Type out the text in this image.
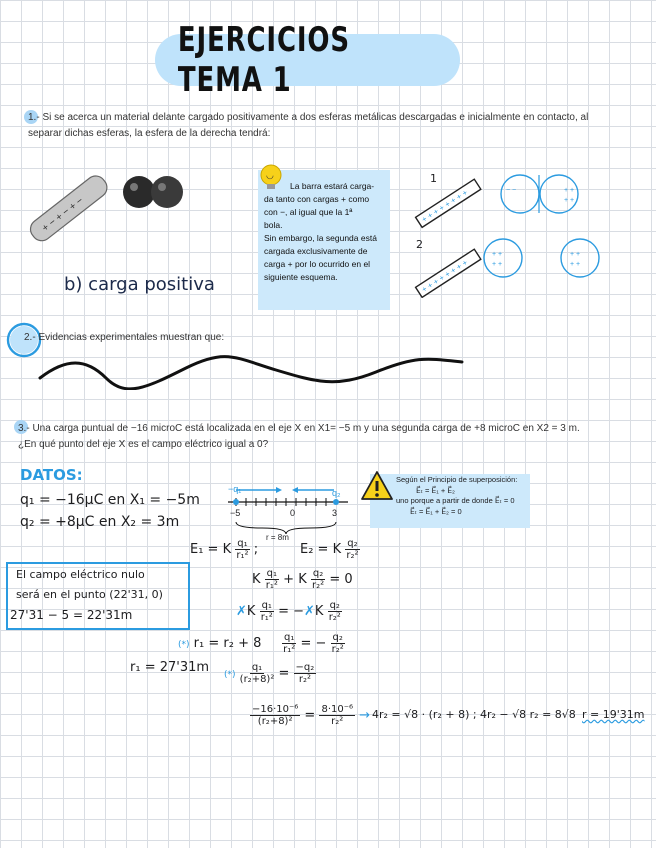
EJERCICIOS TEMA 1
1.- Si se acerca un material delante cargado positivamente a dos esferas metálicas descargadas e inicialmente en contacto, al
separar dichas esferas, la esfera de la derecha tendrá:
+ − + − + −
b) carga positiva
◡
La barra estará carga-
da tanto con cargas + como
con −, al igual que la 1ª
bola.
Sin embargo, la segunda está
cargada exclusivamente de
carga + por lo ocurrido en el
siguiente esquema.
+ + + + + + + +	− −	+ +
+ +
+ + + + + + + +
+ +
+ +
+ +
+ +
1
2
2.- Evidencias experimentales muestran que:
3.- Una carga puntual de −16 microC está localizada en el eje X en X1= −5 m y una segunda carga de +8 microC en X2 = 3 m.
¿En qué punto del eje X es el campo eléctrico igual a 0?
DATOS:
q₁ = −16μC en X₁ = −5m
q₂ = +8μC en X₂ = 3m
−q₁	q₂
−5	0	3
r = 8m
Según el Principio de superposición:
E⃗ₜ = E⃗₁ + E⃗₂
uno porque a partir de donde E⃗ₜ = 0
E⃗ₜ = E⃗₁ + E⃗₂ = 0
E₁ = K $\frac{\text{q₁}}{\text{r₁²}}$ ;	E₂ = K $\frac{\text{q₂}}{\text{r₂²}}$
K $\frac{\text{q₁}}{\text{r₁²}} + K \frac{\text{q₂}}{\text{r₂²}} = 0$
✗K $\frac{\text{q₁}}{\text{r₁²}}$ = −✗K $\frac{\text{q₂}}{\text{r₂²}}$
(*) $r_1 = r_2 + 8 \frac{\text{q₁}}{\text{r₁²}}$ = − $\frac{\text{q₂}}{\text{r₂²}}$
(*) $\frac{\text{q₁}}{\text{(r₂+8)²}} = \frac{\text{−q₂}}{\text{r₂²}}$
r₁ = 27'31m
El campo eléctrico nulo
será en el punto (22'31, 0)
27'31 − 5 = 22'31m
$\frac{\text{−16·10⁻⁶}}{\text{(r₂+8)²}} = \frac{\text{8·10⁻⁶}}{\text{r₂²}} \to 4r_2 = √8 \cdot (r_2 + 8)$ ; 4r₂ − √8 r₂ = 8√8 r = 19'31m
